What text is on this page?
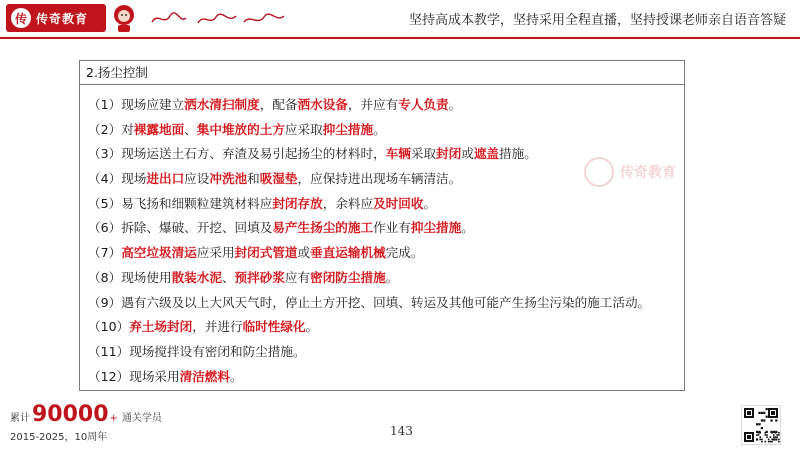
传 传奇教育	坚持高成本教学，坚持采用全程直播，坚持授课老师亲自语音答疑
2.扬尘控制
（1）现场应建立洒水清扫制度，配备洒水设备，并应有专人负责。
（2）对裸露地面、集中堆放的土方应采取抑尘措施。
（3）现场运送土石方、弃渣及易引起扬尘的材料时，车辆采取封闭或遮盖措施。
（4）现场进出口应设冲洗池和吸湿垫，应保持进出现场车辆清洁。
（5）易飞扬和细颗粒建筑材料应封闭存放，余料应及时回收。
（6）拆除、爆破、开挖、回填及易产生扬尘的施工作业有抑尘措施。
（7）高空垃圾清运应采用封闭式管道或垂直运输机械完成。
（8）现场使用散装水泥、预拌砂浆应有密闭防尘措施。
（9）遇有六级及以上大风天气时，停止土方开挖、回填、转运及其他可能产生扬尘污染的施工活动。
（10）弃土场封闭，并进行临时性绿化。
（11）现场搅拌设有密闭和防尘措施。
（12）现场采用清洁燃料。
传奇教育
累计 90000 + 通关学员
2015-2025，10周年	143
